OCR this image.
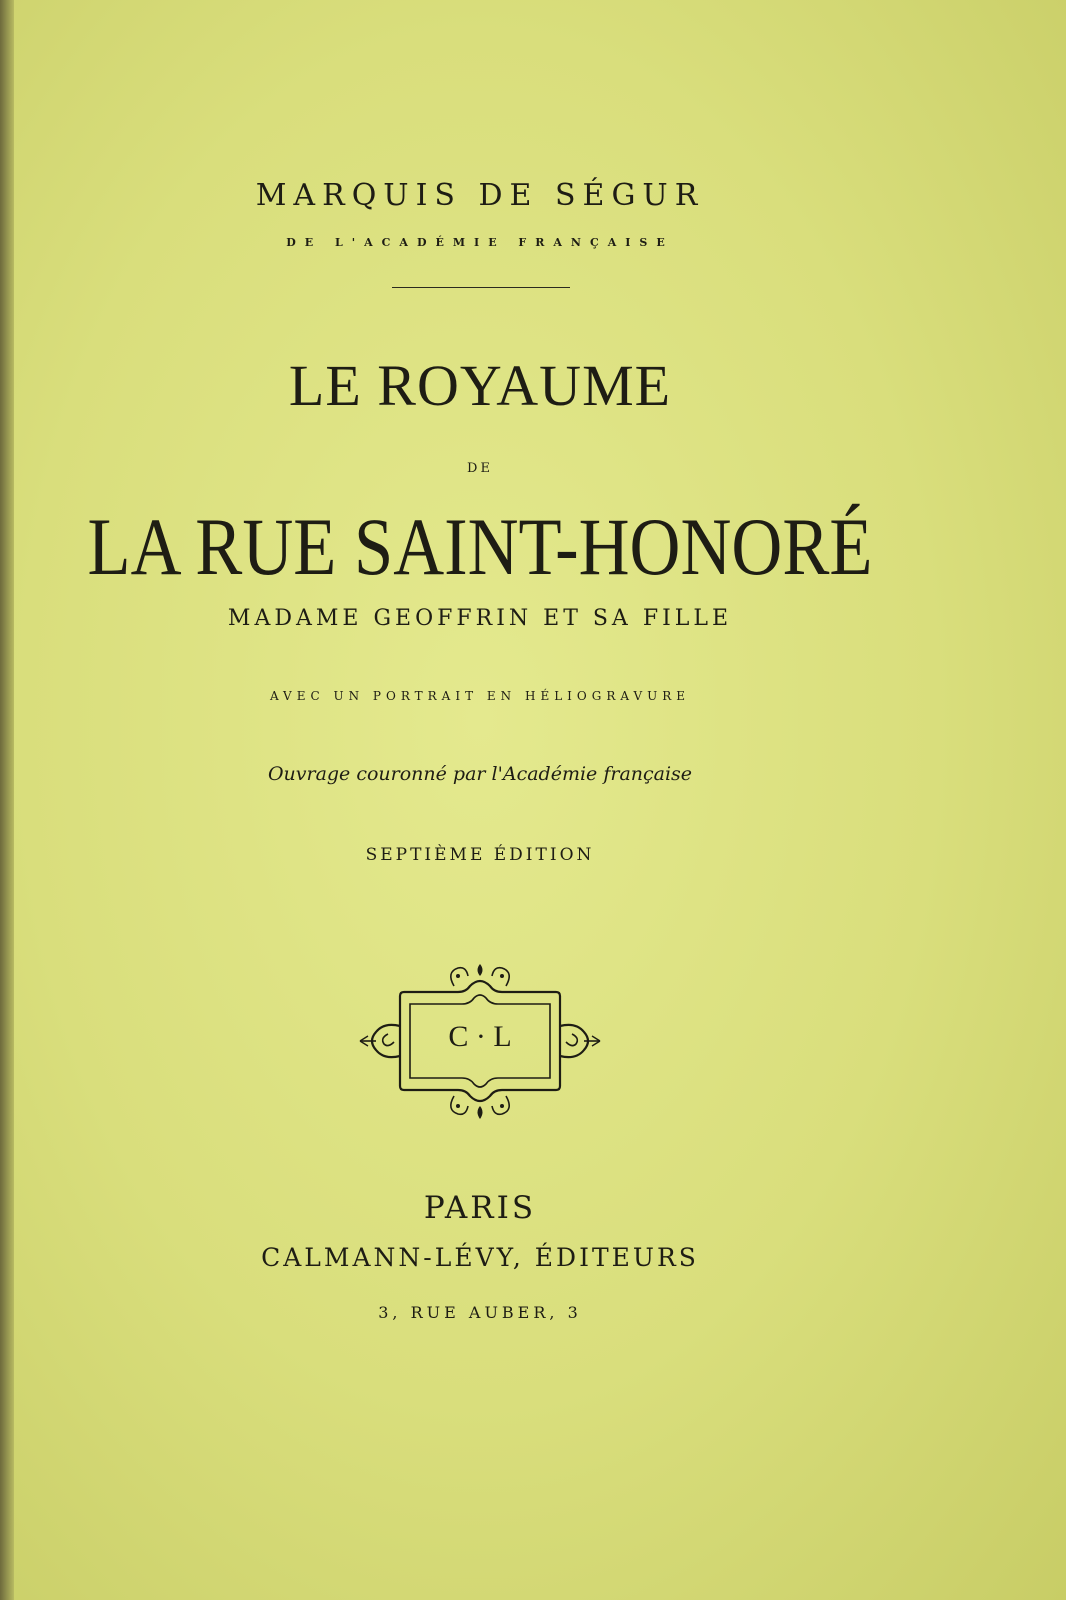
MARQUIS DE SÉGUR
DE L'ACADÉMIE FRANÇAISE
LE ROYAUME
DE
LA RUE SAINT-HONORÉ
MADAME GEOFFRIN ET SA FILLE
AVEC UN PORTRAIT EN HÉLIOGRAVURE
Ouvrage couronné par l'Académie française
SEPTIÈME ÉDITION
C · L
PARIS
CALMANN-LÉVY, ÉDITEURS
3, RUE AUBER, 3
